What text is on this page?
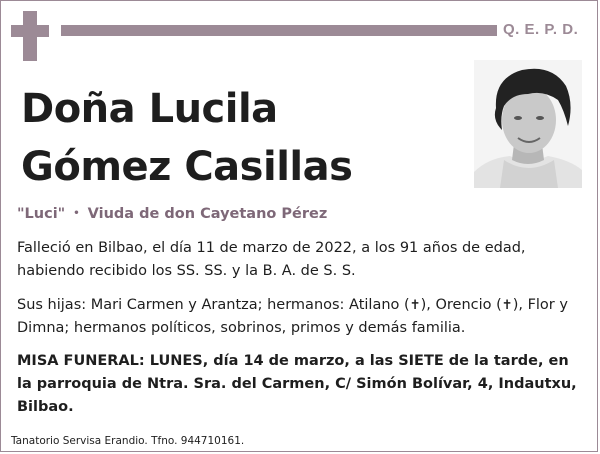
Q. E. P. D.
Doña Lucila
Gómez Casillas
"Luci" • Viuda de don Cayetano Pérez
Falleció en Bilbao, el día 11 de marzo de 2022, a los 91 años de edad, habiendo recibido los SS. SS. y la B. A. de S. S.
Sus hijas: Mari Carmen y Arantza; hermanos: Atilano (✝), Orencio (✝), Flor y Dimna; hermanos políticos, sobrinos, primos y demás familia.
MISA FUNERAL: LUNES, día 14 de marzo, a las SIETE de la tarde, en la parroquia de Ntra. Sra. del Carmen, C/ Simón Bolívar, 4, Indautxu, Bilbao.
Tanatorio Servisa Erandio. Tfno. 944710161.
